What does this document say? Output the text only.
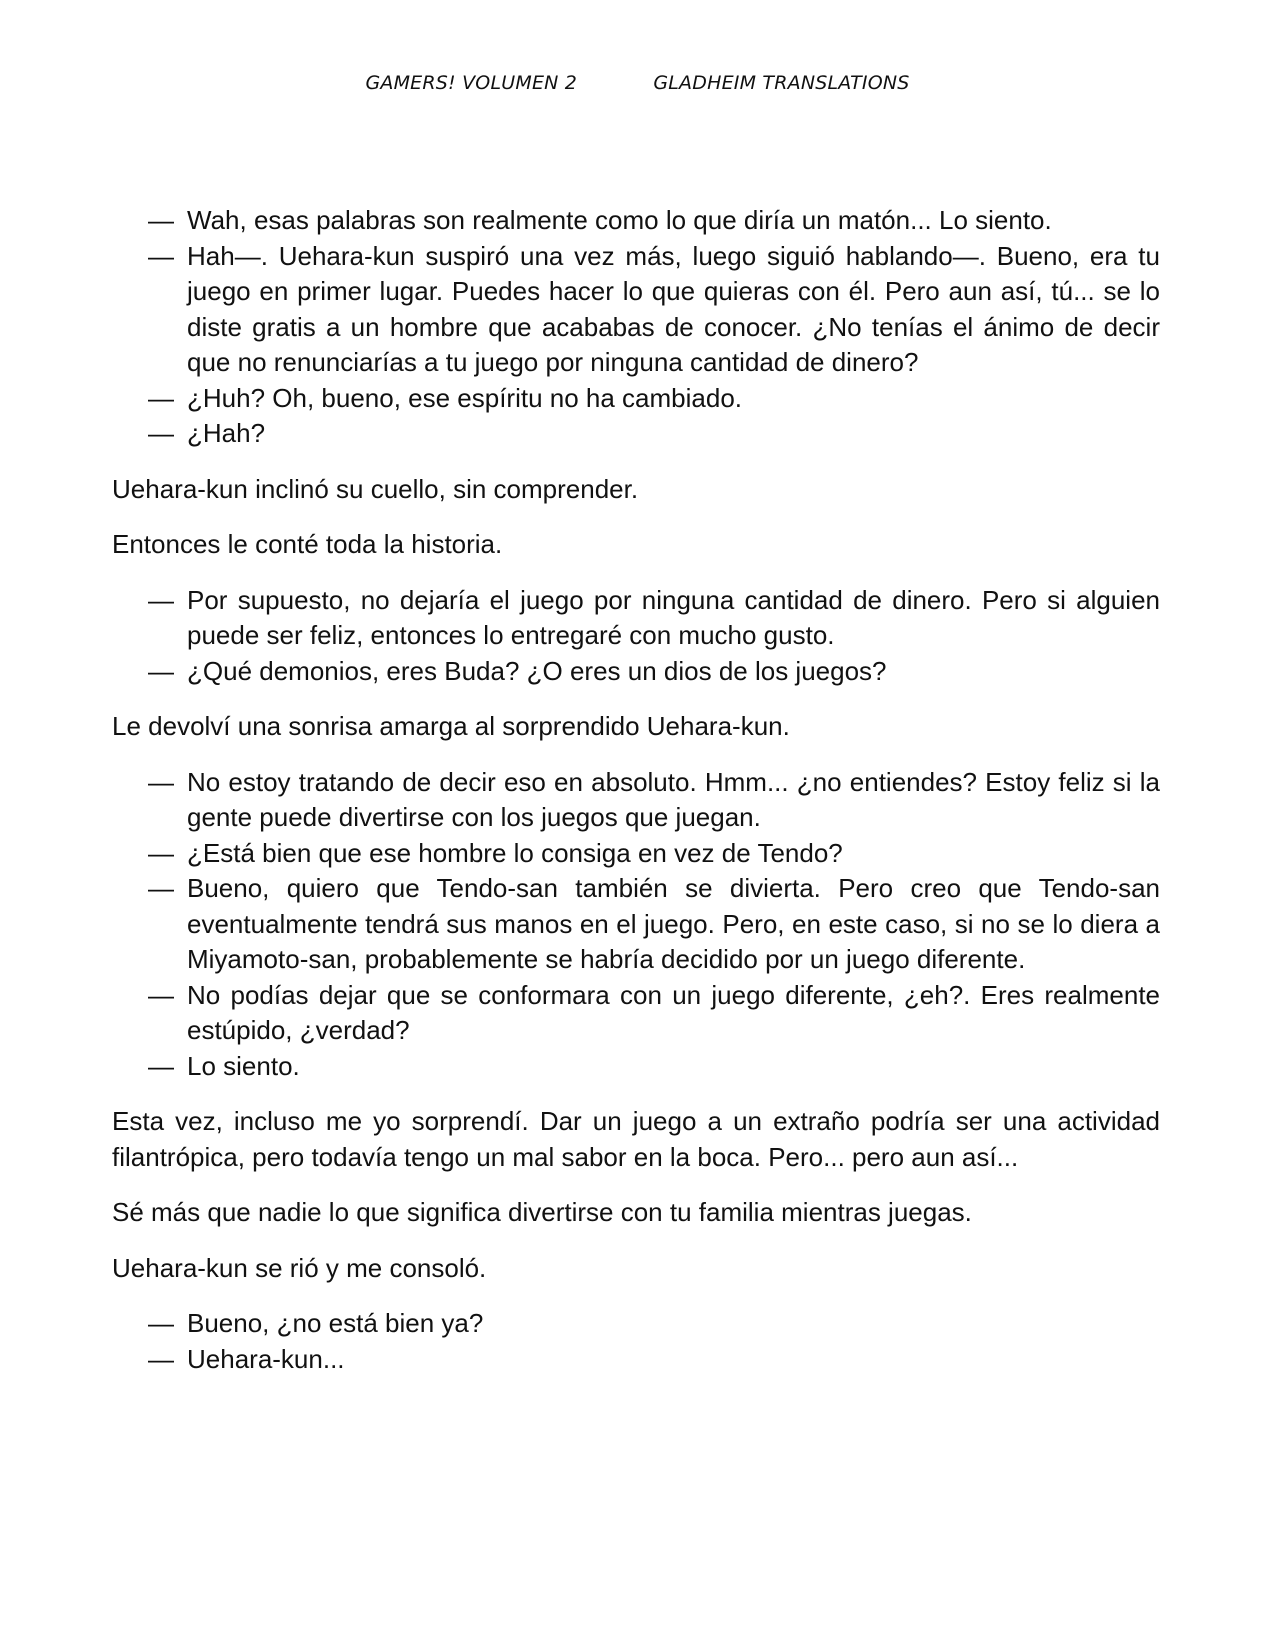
GAMERS! VOLUMEN 2	GLADHEIM TRANSLATIONS
— Wah, esas palabras son realmente como lo que diría un matón... Lo siento.
— Hah—. Uehara-kun suspiró una vez más, luego siguió hablando—. Bueno, era tu juego en primer lugar. Puedes hacer lo que quieras con él. Pero aun así, tú... se lo diste gratis a un hombre que acababas de conocer. ¿No tenías el ánimo de decir que no renunciarías a tu juego por ninguna cantidad de dinero?
— ¿Huh? Oh, bueno, ese espíritu no ha cambiado.
— ¿Hah?

Uehara-kun inclinó su cuello, sin comprender.

Entonces le conté toda la historia.

— Por supuesto, no dejaría el juego por ninguna cantidad de dinero. Pero si alguien puede ser feliz, entonces lo entregaré con mucho gusto.
— ¿Qué demonios, eres Buda? ¿O eres un dios de los juegos?

Le devolví una sonrisa amarga al sorprendido Uehara-kun.

— No estoy tratando de decir eso en absoluto. Hmm... ¿no entiendes? Estoy feliz si la gente puede divertirse con los juegos que juegan.
— ¿Está bien que ese hombre lo consiga en vez de Tendo?
— Bueno, quiero que Tendo-san también se divierta. Pero creo que Tendo-san eventualmente tendrá sus manos en el juego. Pero, en este caso, si no se lo diera a Miyamoto-san, probablemente se habría decidido por un juego diferente.
— No podías dejar que se conformara con un juego diferente, ¿eh?. Eres realmente estúpido, ¿verdad?
— Lo siento.

Esta vez, incluso me yo sorprendí. Dar un juego a un extraño podría ser una actividad filantrópica, pero todavía tengo un mal sabor en la boca. Pero... pero aun así...

Sé más que nadie lo que significa divertirse con tu familia mientras juegas.

Uehara-kun se rió y me consoló.

— Bueno, ¿no está bien ya?
— Uehara-kun...
